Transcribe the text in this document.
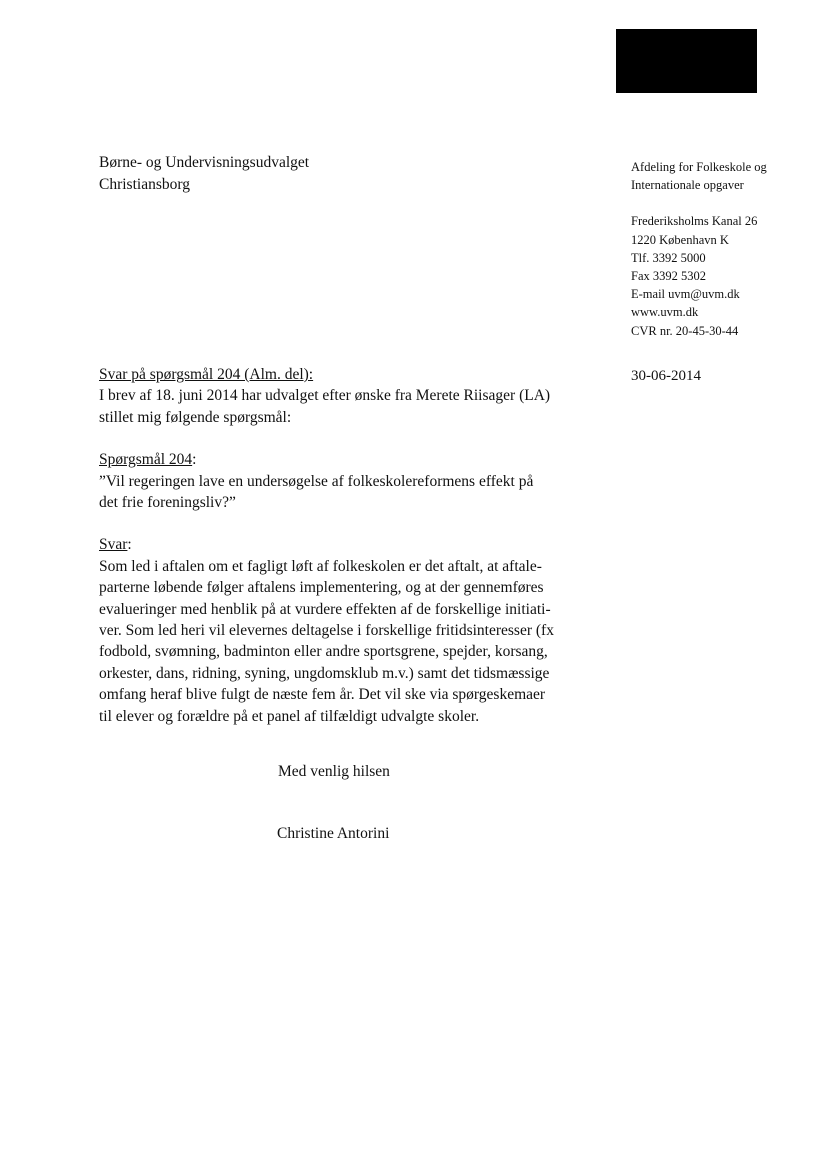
Børne- og Undervisningsudvalget
Christiansborg
Afdeling for Folkeskole og
Internationale opgaver
Frederiksholms Kanal 26
1220 København K
Tlf. 3392 5000
Fax 3392 5302
E-mail uvm@uvm.dk
www.uvm.dk
CVR nr. 20-45-30-44
30-06-2014

Svar på spørgsmål 204 (Alm. del):

I brev af 18. juni 2014 har udvalget efter ønske fra Merete Riisager (LA)

stillet mig følgende spørgsmål:

Spørgsmål 204:

”Vil regeringen lave en undersøgelse af folkeskolereformens effekt på

det frie foreningsliv?”

Svar:

Som led i aftalen om et fagligt løft af folkeskolen er det aftalt, at aftale-

parterne løbende følger aftalens implementering, og at der gennemføres

evalueringer med henblik på at vurdere effekten af de forskellige initiati-

ver. Som led heri vil elevernes deltagelse i forskellige fritidsinteresser (fx

fodbold, svømning, badminton eller andre sportsgrene, spejder, korsang,

orkester, dans, ridning, syning, ungdomsklub m.v.) samt det tidsmæssige

omfang heraf blive fulgt de næste fem år. Det vil ske via spørgeskemaer

til elever og forældre på et panel af tilfældigt udvalgte skoler.

Med venlig hilsen
Christine Antorini
